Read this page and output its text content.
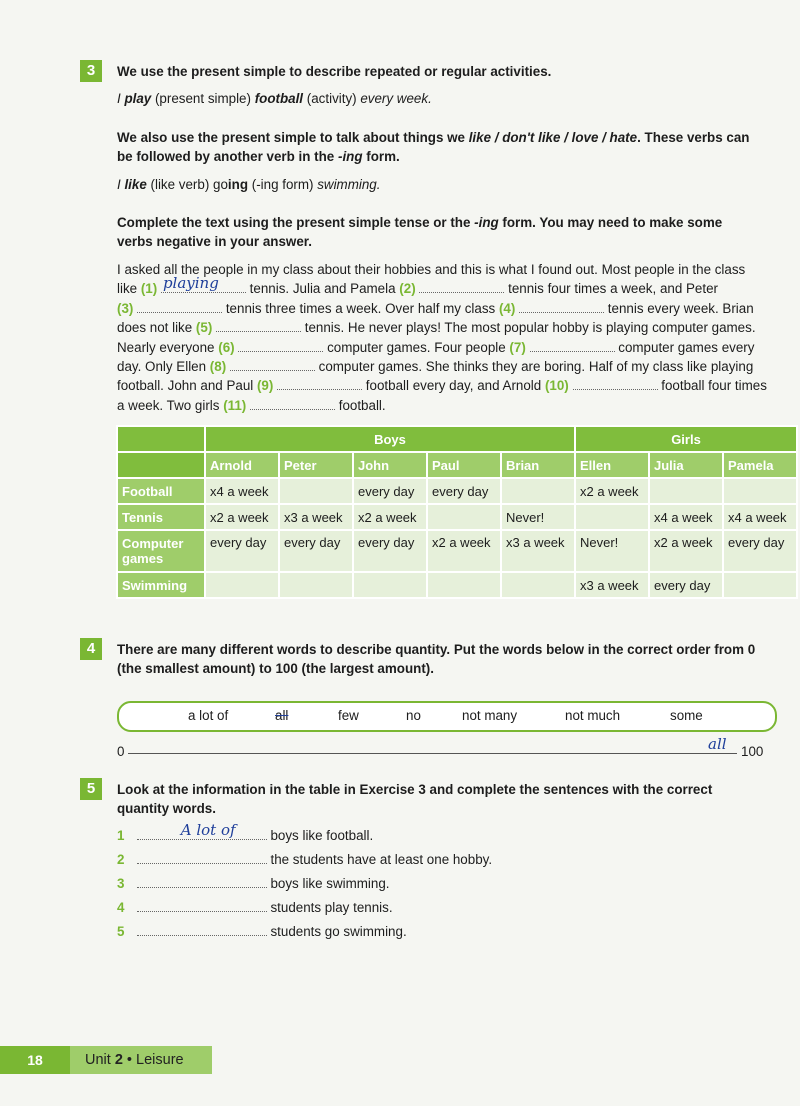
3	We use the present simple to describe repeated or regular activities.
I play (present simple) football (activity) every week.
We also use the present simple to talk about things we like / don't like / love / hate. These verbs can
be followed by another verb in the -ing form.
I like (like verb) going (-ing form) swimming.
Complete the text using the present simple tense or the -ing form. You may need to make some
verbs negative in your answer.
I asked all the people in my class about their hobbies and this is what I found out. Most people in the class
like (1) playing tennis. Julia and Pamela (2)	tennis four times a week, and Peter
(3)	tennis three times a week. Over half my class (4)	tennis every week. Brian
does not like (5)	tennis. He never plays! The most popular hobby is playing computer games.
Nearly everyone (6)	computer games. Four people (7)	computer games every
day. Only Ellen (8)	computer games. She thinks they are boring. Half of my class like playing
football. John and Paul (9)	football every day, and Arnold (10)	football four times
a week. Two girls (11)	football.
	Boys					Girls		
	Arnold	Peter	John	Paul	Brian	Ellen	Julia	Pamela
Football	x4 a week		every day	every day		x2 a week		
Tennis	x2 a week	x3 a week	x2 a week		Never!		x4 a week	x4 a week
Computer games	every day	every day	every day	x2 a week	x3 a week	Never!	x2 a week	every day
Swimming						x3 a week	every day	
4	There are many different words to describe quantity. Put the words below in the correct order from 0
(the smallest amount) to 100 (the largest amount).
a lot of	all	few	no	not many	not much	some
0	all 100
5	Look at the information in the table in Exercise 3 and complete the sentences with the correct
quantity words.
1	A lot of	boys like football.
2	the students have at least one hobby.
3	boys like swimming.
4	students play tennis.
5	students go swimming.
18	Unit 2 • Leisure
